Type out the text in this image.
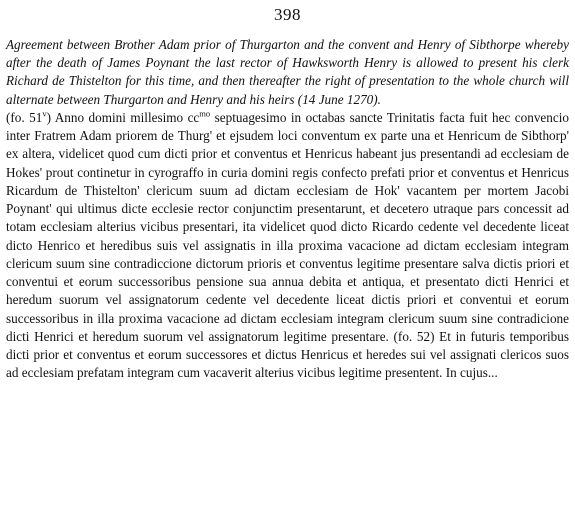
398

Agreement between Brother Adam prior of Thurgarton and the convent and Henry of Sibthorpe whereby after the death of James Poynant the last rector of Hawksworth Henry is allowed to present his clerk Richard de Thistelton for this time, and then thereafter the right of presentation to the whole church will alternate between Thurgarton and Henry and his heirs (14 June 1270).

(fo. 51$^v$) Anno domini millesimo $cc^{mo}$ septuagesimo in octabas sancte Trinitatis facta fuit hec convencio inter Fratrem Adam priorem de Thurg' et ejsudem loci conventum ex parte una et Henricum de Sibthorp' ex altera, videlicet quod cum dicti prior et conventus et Henricus habeant jus presentandi ad ecclesiam de Hokes' prout continetur in cyrograffo in curia domini regis confecto prefati prior et conventus et Henricus Ricardum de Thistelton' clericum suum ad dictam ecclesiam de Hok' vacantem per mortem Jacobi Poynant' qui ultimus dicte ecclesie rector conjunctim presentarunt, et decetero utraque pars concessit ad totam ecclesiam alterius vicibus presentari, ita videlicet quod dicto Ricardo cedente vel decedente liceat dicto Henrico et heredibus suis vel assignatis in illa proxima vacacione ad dictam ecclesiam integram clericum suum sine contradiccione dictorum prioris et conventus legitime presentare salva dictis priori et conventui et eorum successoribus pensione sua annua debita et antiqua, et presentato dicti Henrici et heredum suorum vel assignatorum cedente vel decedente liceat dictis priori et conventui et eorum successoribus in illa proxima vacacione ad dictam ecclesiam integram clericum suum sine contradicione dicti Henrici et heredum suorum vel assignatorum legitime presentare. (fo. 52) Et in futuris temporibus dicti prior et conventus et eorum successores et dictus Henricus et heredes sui vel assignati clericos suos ad ecclesiam prefatam integram cum vacaverit alterius vicibus legitime presentent. In cujus...
